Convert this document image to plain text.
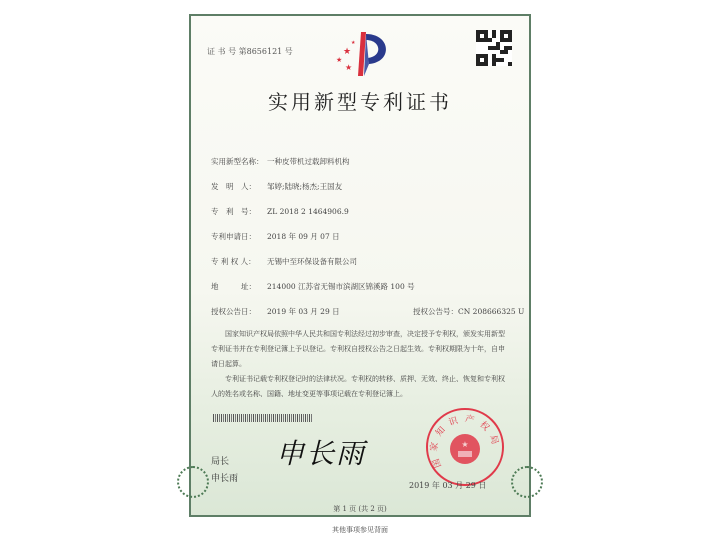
证 书 号 第8656121 号	★
★
★
★
实用新型专利证书
实用新型名称： 一种皮带机过载卸料机构
发　明　人： 邹婷;陆晓;杨杰;王国友
专　利　号： ZL 2018 2 1464906.9
专利申请日： 2018 年 09 月 07 日
专 利 权 人： 无锡中至环保设备有限公司
地　　　址： 214000 江苏省无锡市滨湖区锦溪路 100 号
授权公告日： 2019 年 03 月 29 日	授权公告号：CN 208666325 U
国家知识产权局依照中华人民共和国专利法经过初步审查，决定授予专利权，颁发实用新型专利证书并在专利登记簿上予以登记。专利权自授权公告之日起生效。专利权期限为十年，自申请日起算。
专利证书记载专利权登记时的法律状况。专利权的转移、质押、无效、终止、恢复和专利权人的姓名或名称、国籍、地址变更等事项记载在专利登记簿上。
局长
申长雨
申长雨	★
国家知识产权局
2019 年 03 月 29 日
第 1 页 (共 2 页)
其他事项参见背面
